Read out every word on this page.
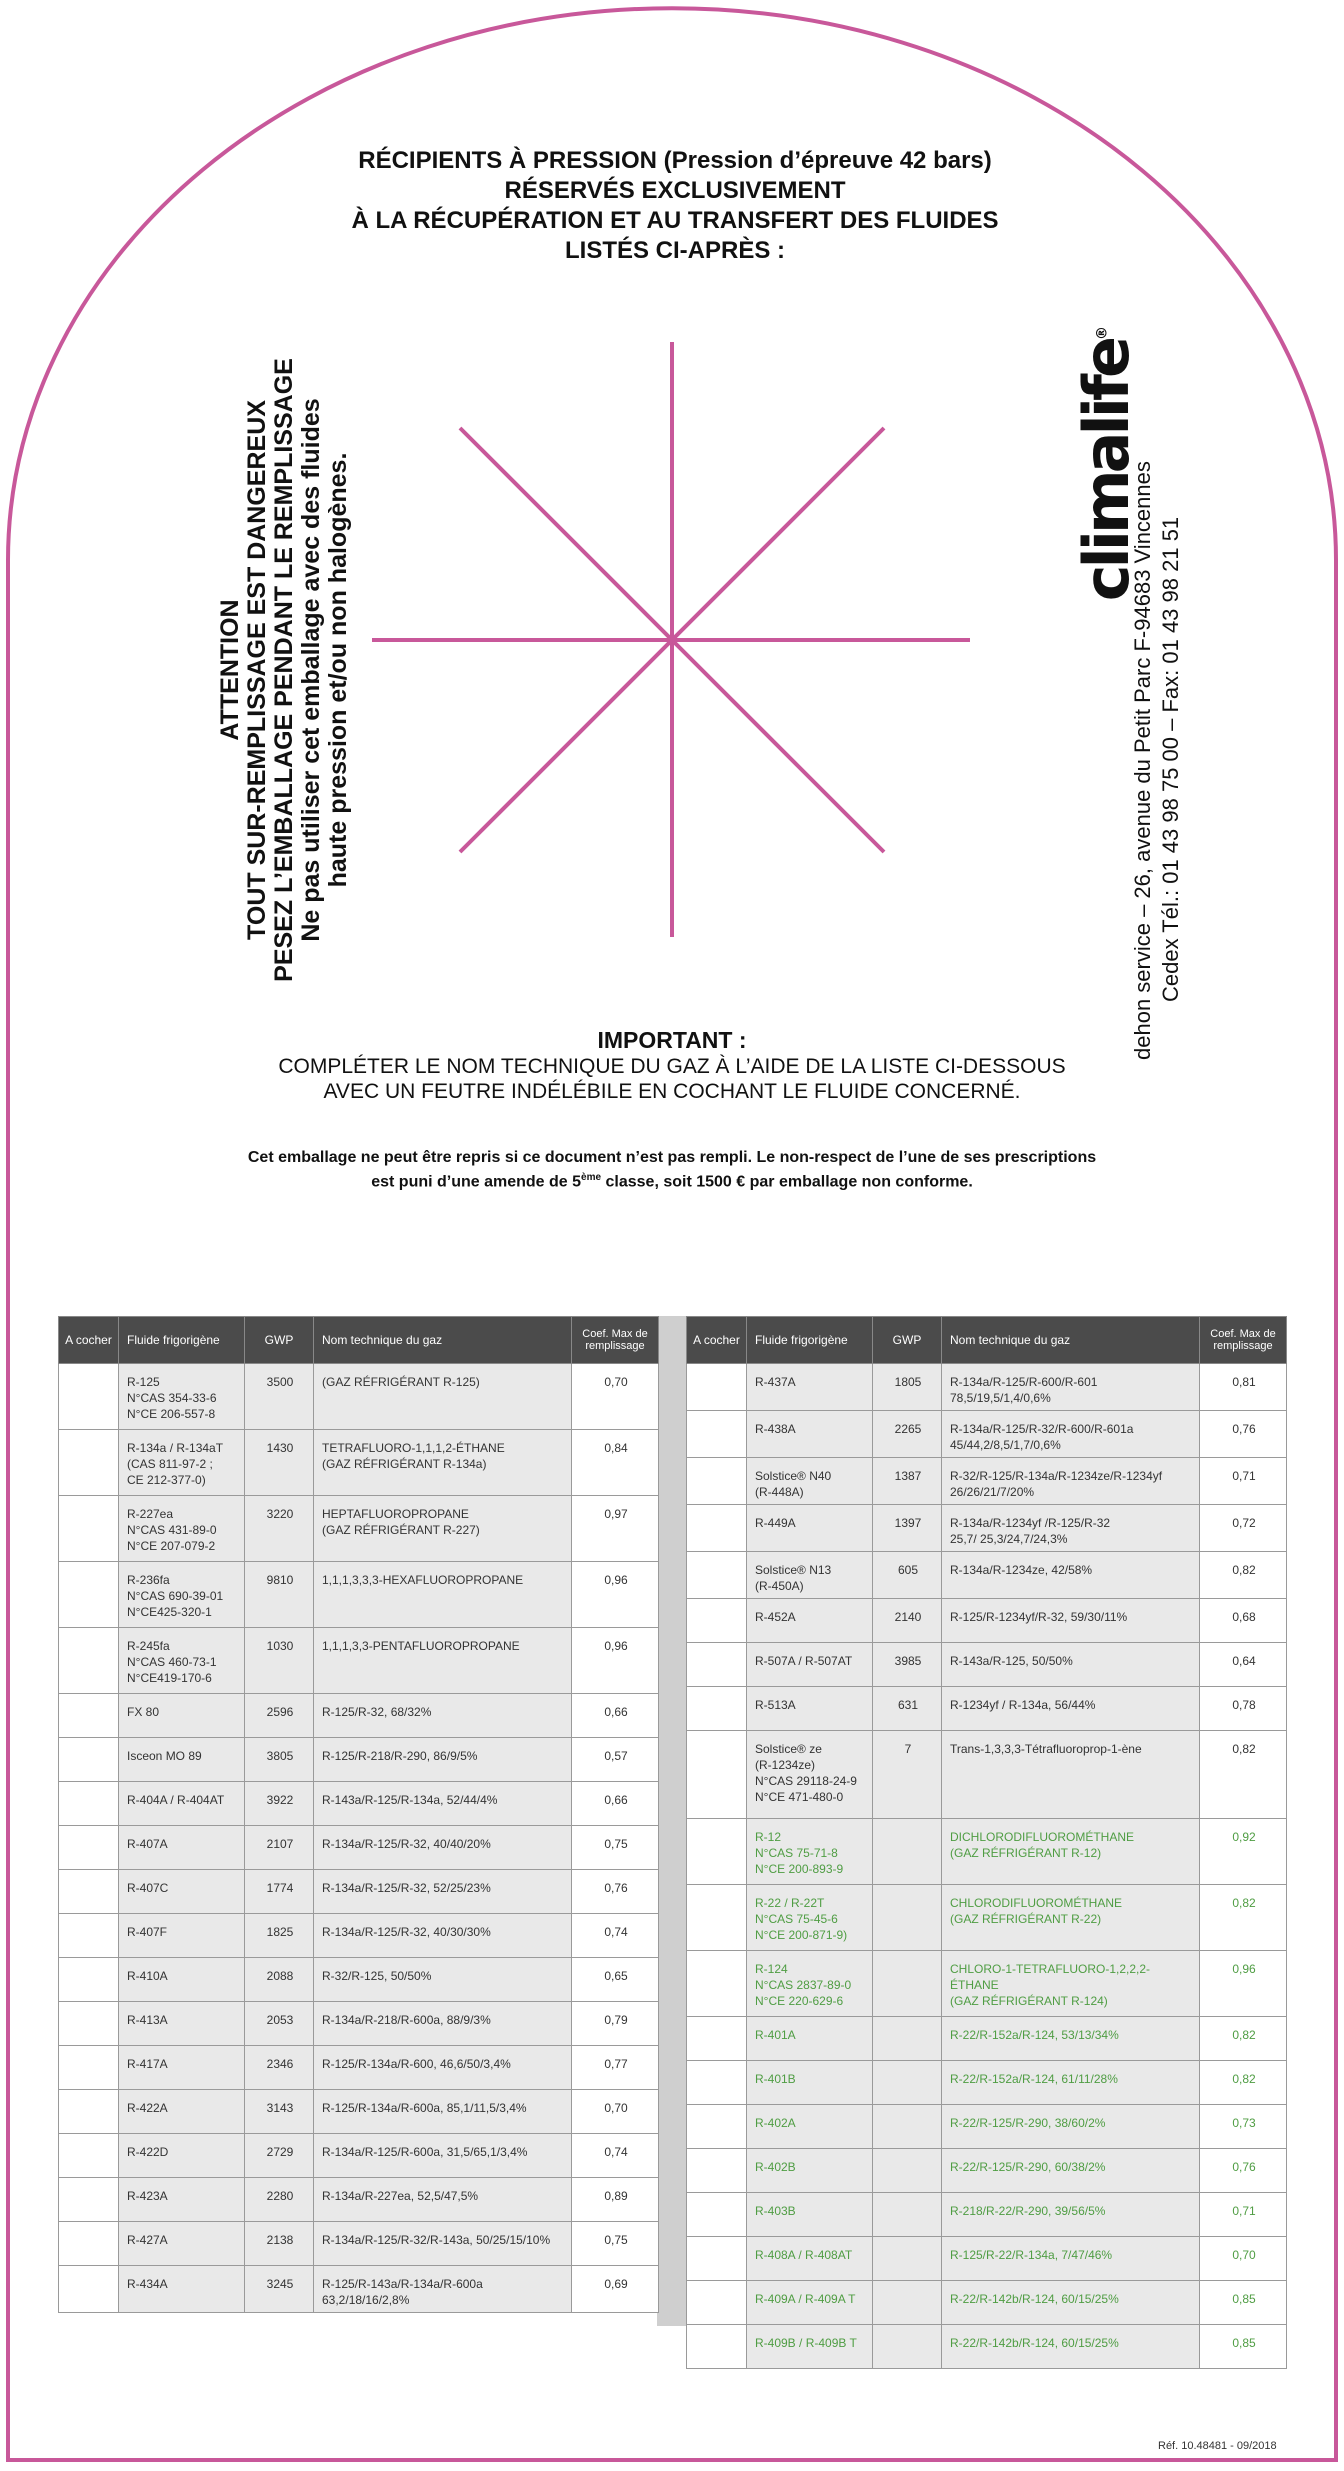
RÉCIPIENTS À PRESSION (Pression d’épreuve 42 bars)
RÉSERVÉS EXCLUSIVEMENT
À LA RÉCUPÉRATION ET AU TRANSFERT DES FLUIDES
LISTÉS CI-APRÈS :
ATTENTION TOUT SUR-REMPLISSAGE EST DANGEREUX PESEZ L’EMBALLAGE PENDANT LE REMPLISSAGE Ne pas utiliser cet emballage avec des fluides haute pression et/ou non halogènes.	climalife®
dehon service – 26, avenue du Petit Parc F-94683 Vincennes Cedex Tél.: 01 43 98 75 00 – Fax: 01 43 98 21 51
IMPORTANT :
COMPLÉTER LE NOM TECHNIQUE DU GAZ À L’AIDE DE LA LISTE CI-DESSOUS
AVEC UN FEUTRE INDÉLÉBILE EN COCHANT LE FLUIDE CONCERNÉ.
Cet emballage ne peut être repris si ce document n’est pas rempli. Le non-respect de l’une de ses prescriptions
est puni d’une amende de 5ème classe, soit 1500 € par emballage non conforme.
A cocher	Fluide frigorigène	GWP	Nom technique du gaz	Coef. Max de remplissage
	R-125
N°CAS 354-33-6
N°CE 206-557-8	3500	(GAZ RÉFRIGÉRANT R-125)	0,70
	R-134a / R-134aT
(CAS 811-97-2 ;
CE 212-377-0)	1430	TETRAFLUORO-1,1,1,2-ÉTHANE
(GAZ RÉFRIGÉRANT R-134a)	0,84
	R-227ea
N°CAS 431-89-0
N°CE 207-079-2	3220	HEPTAFLUOROPROPANE
(GAZ RÉFRIGÉRANT R-227)	0,97
	R-236fa
N°CAS 690-39-01
N°CE425-320-1	9810	1,1,1,3,3,3-HEXAFLUOROPROPANE	0,96
	R-245fa
N°CAS 460-73-1
N°CE419-170-6	1030	1,1,1,3,3-PENTAFLUOROPROPANE	0,96
	FX 80	2596	R-125/R-32, 68/32%	0,66
	Isceon MO 89	3805	R-125/R-218/R-290, 86/9/5%	0,57
	R-404A / R-404AT	3922	R-143a/R-125/R-134a, 52/44/4%	0,66
	R-407A	2107	R-134a/R-125/R-32, 40/40/20%	0,75
	R-407C	1774	R-134a/R-125/R-32, 52/25/23%	0,76
	R-407F	1825	R-134a/R-125/R-32, 40/30/30%	0,74
	R-410A	2088	R-32/R-125, 50/50%	0,65
	R-413A	2053	R-134a/R-218/R-600a, 88/9/3%	0,79
	R-417A	2346	R-125/R-134a/R-600, 46,6/50/3,4%	0,77
	R-422A	3143	R-125/R-134a/R-600a, 85,1/11,5/3,4%	0,70
	R-422D	2729	R-134a/R-125/R-600a, 31,5/65,1/3,4%	0,74
	R-423A	2280	R-134a/R-227ea, 52,5/47,5%	0,89
	R-427A	2138	R-134a/R-125/R-32/R-143a, 50/25/15/10%	0,75
	R-434A	3245	R-125/R-143a/R-134a/R-600a
63,2/18/16/2,8%	0,69
A cocher	Fluide frigorigène	GWP	Nom technique du gaz	Coef. Max de remplissage
	R-437A	1805	R-134a/R-125/R-600/R-601
78,5/19,5/1,4/0,6%	0,81
	R-438A	2265	R-134a/R-125/R-32/R-600/R-601a
45/44,2/8,5/1,7/0,6%	0,76
	Solstice® N40
(R-448A)	1387	R-32/R-125/R-134a/R-1234ze/R-1234yf
26/26/21/7/20%	0,71
	R-449A	1397	R-134a/R-1234yf /R-125/R-32
25,7/ 25,3/24,7/24,3%	0,72
	Solstice® N13
(R-450A)	605	R-134a/R-1234ze, 42/58%	0,82
	R-452A	2140	R-125/R-1234yf/R-32, 59/30/11%	0,68
	R-507A / R-507AT	3985	R-143a/R-125, 50/50%	0,64
	R-513A	631	R-1234yf / R-134a, 56/44%	0,78
	Solstice® ze
(R-1234ze)
N°CAS 29118-24-9
N°CE 471-480-0	7	Trans-1,3,3,3-Tétrafluoroprop-1-ène	0,82
	R-12
N°CAS 75-71-8
N°CE 200-893-9		DICHLORODIFLUOROMÉTHANE
(GAZ RÉFRIGÉRANT R-12)	0,92
	R-22 / R-22T
N°CAS 75-45-6
N°CE 200-871-9)		CHLORODIFLUOROMÉTHANE
(GAZ RÉFRIGÉRANT R-22)	0,82
	R-124
N°CAS 2837-89-0
N°CE 220-629-6		CHLORO-1-TETRAFLUORO-1,2,2,2-ÉTHANE
(GAZ RÉFRIGÉRANT R-124)	0,96
	R-401A		R-22/R-152a/R-124, 53/13/34%	0,82
	R-401B		R-22/R-152a/R-124, 61/11/28%	0,82
	R-402A		R-22/R-125/R-290, 38/60/2%	0,73
	R-402B		R-22/R-125/R-290, 60/38/2%	0,76
	R-403B		R-218/R-22/R-290, 39/56/5%	0,71
	R-408A / R-408AT		R-125/R-22/R-134a, 7/47/46%	0,70
	R-409A / R-409A T		R-22/R-142b/R-124, 60/15/25%	0,85
	R-409B / R-409B T		R-22/R-142b/R-124, 60/15/25%	0,85
Réf. 10.48481 - 09/2018
